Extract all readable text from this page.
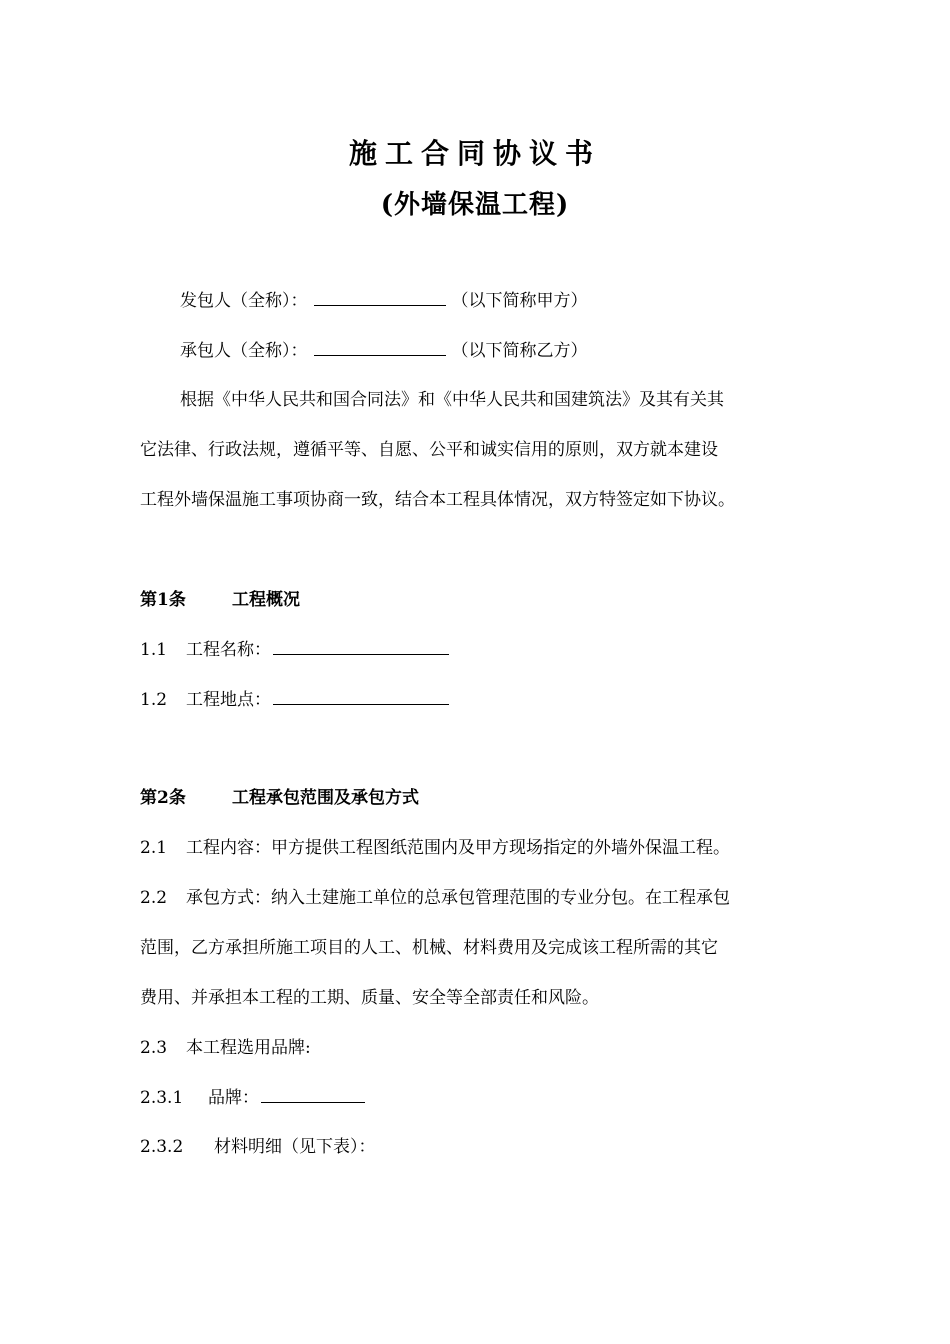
施工合同协议书
(外墙保温工程)
发包人（全称）：	（以下简称甲方）
承包人（全称）：	（以下简称乙方）
根据《中华人民共和国合同法》和《中华人民共和国建筑法》及其有关其
它法律、行政法规，遵循平等、自愿、公平和诚实信用的原则，双方就本建设
工程外墙保温施工事项协商一致，结合本工程具体情况，双方特签定如下协议。
第1条	工程概况
1.1 工程名称：
1.2 工程地点：
第2条	工程承包范围及承包方式
2.1 工程内容：甲方提供工程图纸范围内及甲方现场指定的外墙外保温工程。
2.2 承包方式：纳入土建施工单位的总承包管理范围的专业分包。在工程承包
范围，乙方承担所施工项目的人工、机械、材料费用及完成该工程所需的其它
费用、并承担本工程的工期、质量、安全等全部责任和风险。
2.3 本工程选用品牌:
2.3.1 品牌：
2.3.2 材料明细（见下表）：
